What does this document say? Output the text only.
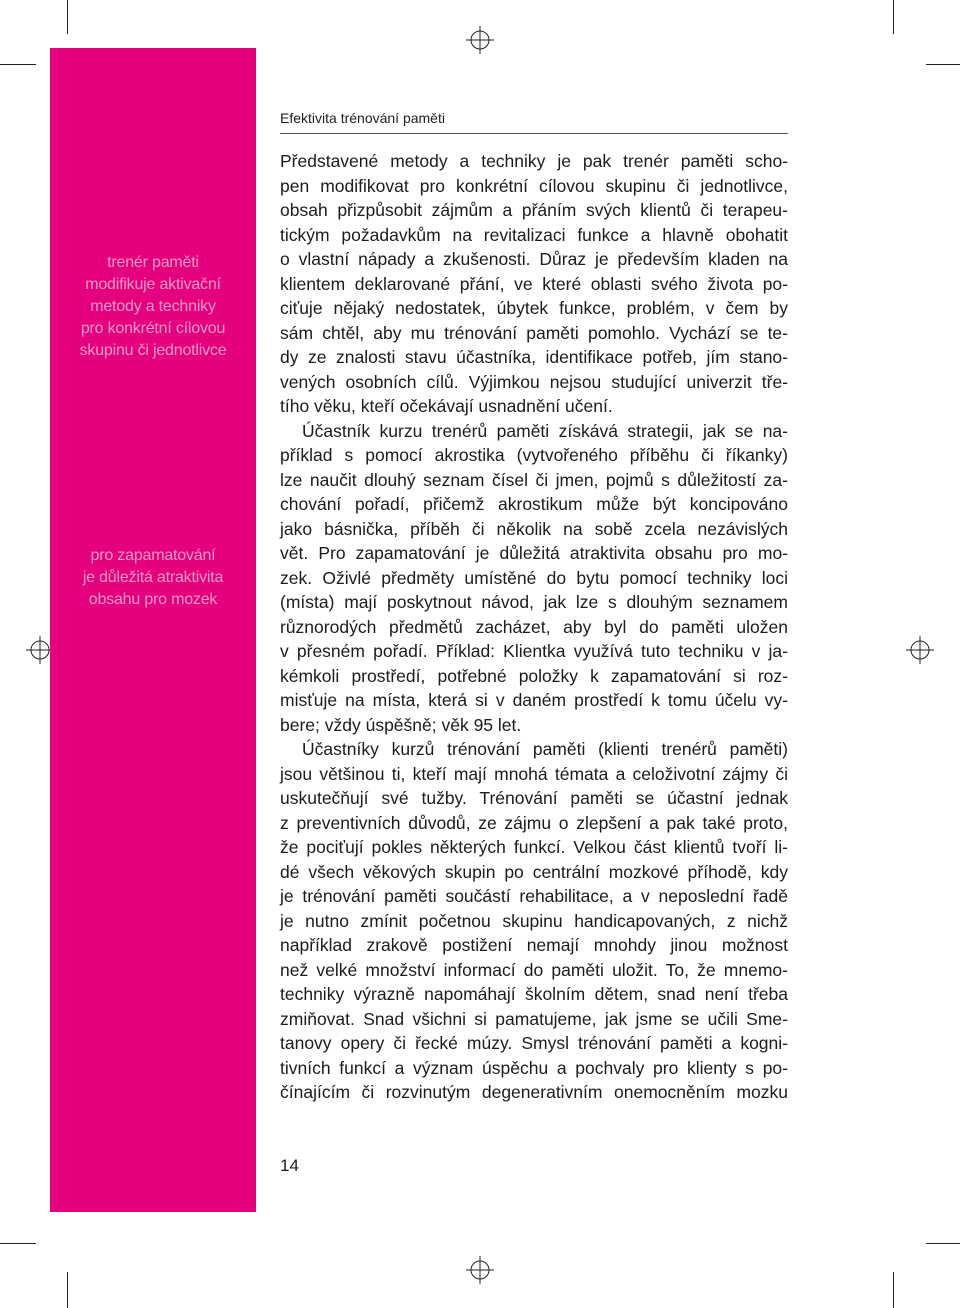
trenér paměti
modifikuje aktivační
metody a techniky
pro konkrétní cílovou
skupinu či jednotlivce
pro zapamatování
je důležitá atraktivita
obsahu pro mozek
Efektivita trénování paměti
Představené metody a techniky je pak trenér paměti scho-
pen modifikovat pro konkrétní cílovou skupinu či jednotlivce,
obsah přizpůsobit zájmům a přáním svých klientů či terapeu-
tickým požadavkům na revitalizaci funkce a hlavně obohatit
o vlastní nápady a zkušenosti. Důraz je především kladen na
klientem deklarované přání, ve které oblasti svého života po-
ciťuje nějaký nedostatek, úbytek funkce, problém, v čem by
sám chtěl, aby mu trénování paměti pomohlo. Vychází se te-
dy ze znalosti stavu účastníka, identifikace potřeb, jím stano-
vených osobních cílů. Výjimkou nejsou studující univerzit tře-
tího věku, kteří očekávají usnadnění učení.
Účastník kurzu trenérů paměti získává strategii, jak se na-
příklad s pomocí akrostika (vytvořeného příběhu či říkanky)
lze naučit dlouhý seznam čísel či jmen, pojmů s důležitostí za-
chování pořadí, přičemž akrostikum může být koncipováno
jako básnička, příběh či několik na sobě zcela nezávislých
vět. Pro zapamatování je důležitá atraktivita obsahu pro mo-
zek. Oživlé předměty umístěné do bytu pomocí techniky loci
(místa) mají poskytnout návod, jak lze s dlouhým seznamem
různorodých předmětů zacházet, aby byl do paměti uložen
v přesném pořadí. Příklad: Klientka využívá tuto techniku v ja-
kémkoli prostředí, potřebné položky k zapamatování si roz-
misťuje na místa, která si v daném prostředí k tomu účelu vy-
bere; vždy úspěšně; věk 95 let.
Účastníky kurzů trénování paměti (klienti trenérů paměti)
jsou většinou ti, kteří mají mnohá témata a celoživotní zájmy či
uskutečňují své tužby. Trénování paměti se účastní jednak
z preventivních důvodů, ze zájmu o zlepšení a pak také proto,
že pociťují pokles některých funkcí. Velkou část klientů tvoří li-
dé všech věkových skupin po centrální mozkové příhodě, kdy
je trénování paměti součástí rehabilitace, a v neposlední řadě
je nutno zmínit početnou skupinu handicapovaných, z nichž
například zrakově postižení nemají mnohdy jinou možnost
než velké množství informací do paměti uložit. To, že mnemo-
techniky výrazně napomáhají školním dětem, snad není třeba
zmiňovat. Snad všichni si pamatujeme, jak jsme se učili Sme-
tanovy opery či řecké múzy. Smysl trénování paměti a kogni-
tivních funkcí a význam úspěchu a pochvaly pro klienty s po-
čínajícím či rozvinutým degenerativním onemocněním mozku
14
